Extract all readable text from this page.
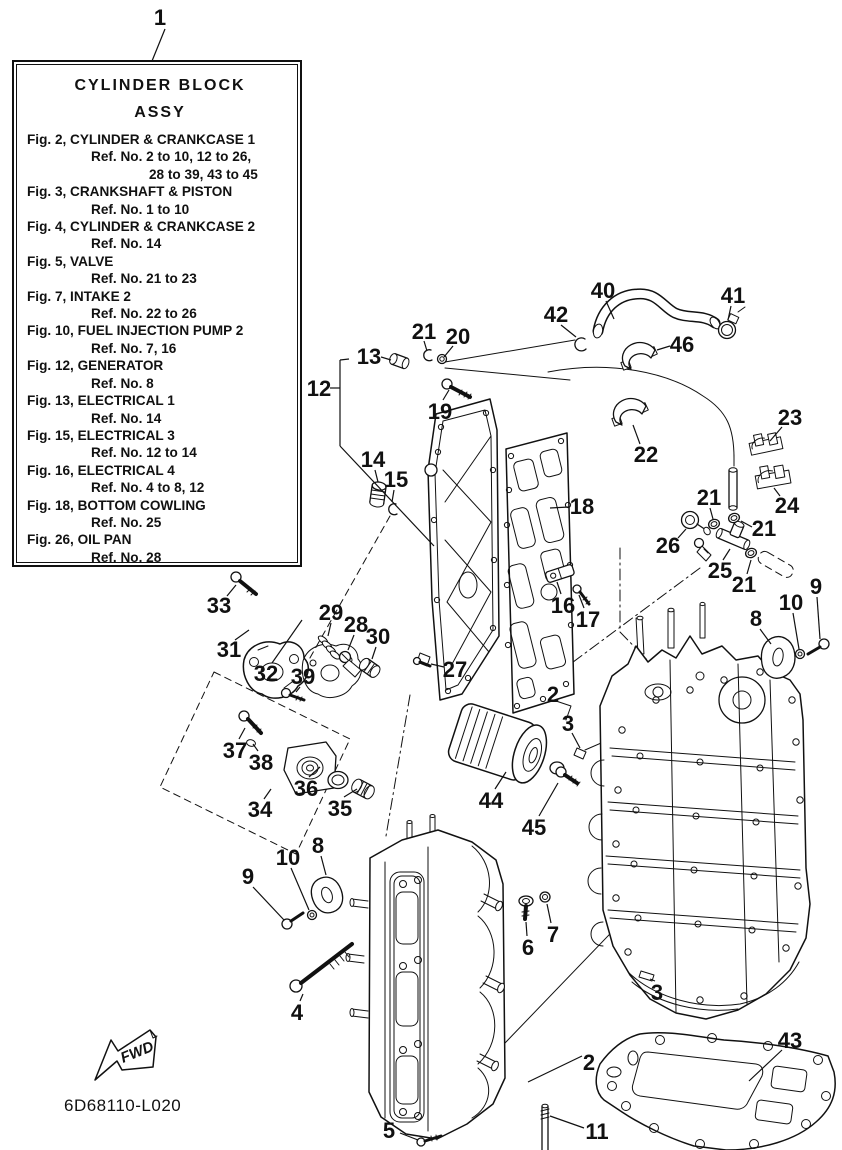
FWD
1
12
13
21 20
42
40	41
46
22
23
24
21
21
26
25
21
19
14
15
18
16
17
33
31
32
29 28
30
27
39
37 38
36
34	35
2
3
44
45
9
10
8
8
10
9
4
6
7
3
2
5	11
43
CYLINDER BLOCK
ASSY
Fig. 2, CYLINDER & CRANKCASE 1
Ref. No. 2 to 10, 12 to 26,
28 to 39, 43 to 45
Fig. 3, CRANKSHAFT & PISTON
Ref. No. 1 to 10
Fig. 4, CYLINDER & CRANKCASE 2
Ref. No. 14
Fig. 5, VALVE
Ref. No. 21 to 23
Fig. 7, INTAKE 2
Ref. No. 22 to 26
Fig. 10, FUEL INJECTION PUMP 2
Ref. No. 7, 16
Fig. 12, GENERATOR
Ref. No. 8
Fig. 13, ELECTRICAL 1
Ref. No. 14
Fig. 15, ELECTRICAL 3
Ref. No. 12 to 14
Fig. 16, ELECTRICAL 4
Ref. No. 4 to 8, 12
Fig. 18, BOTTOM COWLING
Ref. No. 25
Fig. 26, OIL PAN
Ref. No. 28
6D68110-L020
